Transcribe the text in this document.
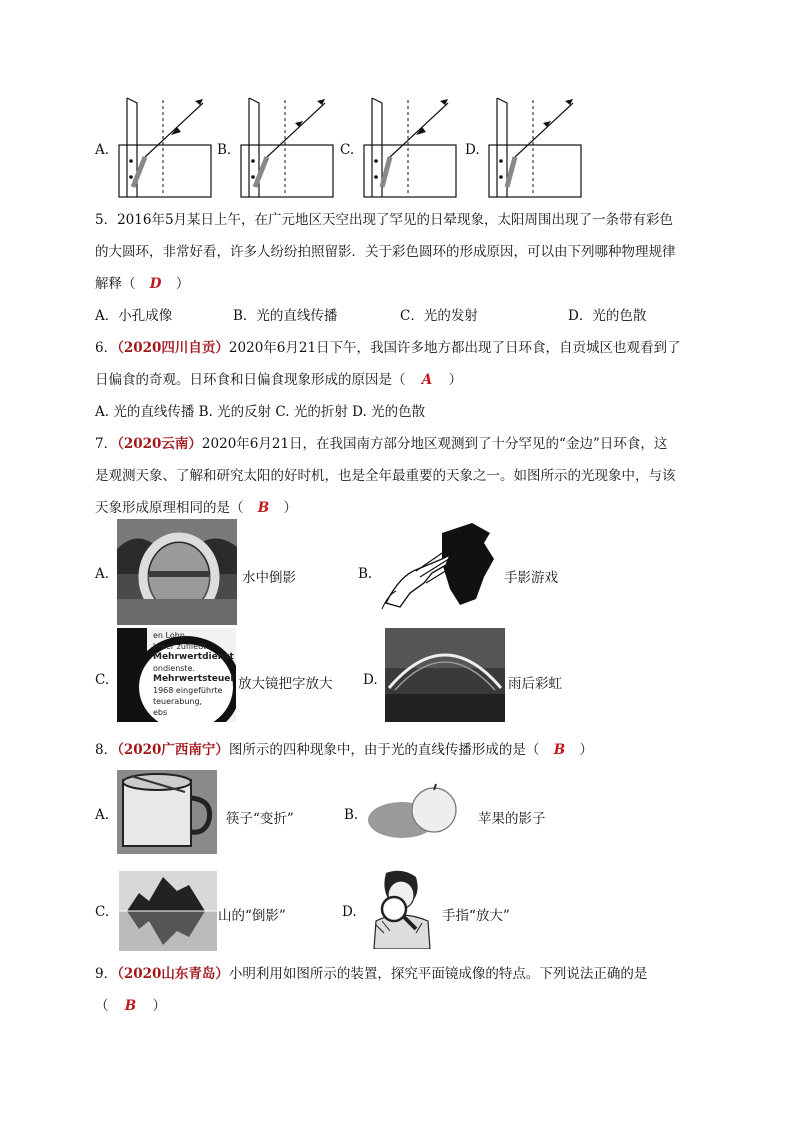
A.	B.	C.	D.
5．2016年5月某日上午，在广元地区天空出现了罕见的日晕现象，太阳周围出现了一条带有彩色
的大圆环，非常好看，许多人纷纷拍照留影．关于彩色圆环的形成原因，可以由下列哪种物理规律
解释（ D ）
A．小孔成像	B．光的直线传播	C．光的发射	D．光的色散
6．（2020四川自贡）2020年6月21日下午，我国许多地方都出现了日环食，自贡城区也观看到了
日偏食的奇观。日环食和日偏食现象形成的原因是（ A ）
A. 光的直线传播 B. 光的反射 C. 光的折射 D. 光的色散
7．（2020云南）2020年6月21日，在我国南方部分地区观测到了十分罕见的“金边”日环食，这
是观测天象、了解和研究太阳的好时机，也是全年最重要的天象之一。如图所示的光现象中，与该
天象形成原理相同的是（ B ）
A.	水中倒影	B.	手影游戏
C.
en Lohn
hmer zufließt.
Mehrwertdienst
ondienste.
Mehrwertsteuer
1968 eingeführte
teuerabung,
ebs
放大镜把字放大 D.	雨后彩虹
8．（2020广西南宁）图所示的四种现象中，由于光的直线传播形成的是（ B ）
A.	筷子“变折”	B.	苹果的影子
C.	山的“倒影”	D.	手指“放大”
9．（2020山东青岛）小明利用如图所示的装置，探究平面镜成像的特点。下列说法正确的是
（ B ）
